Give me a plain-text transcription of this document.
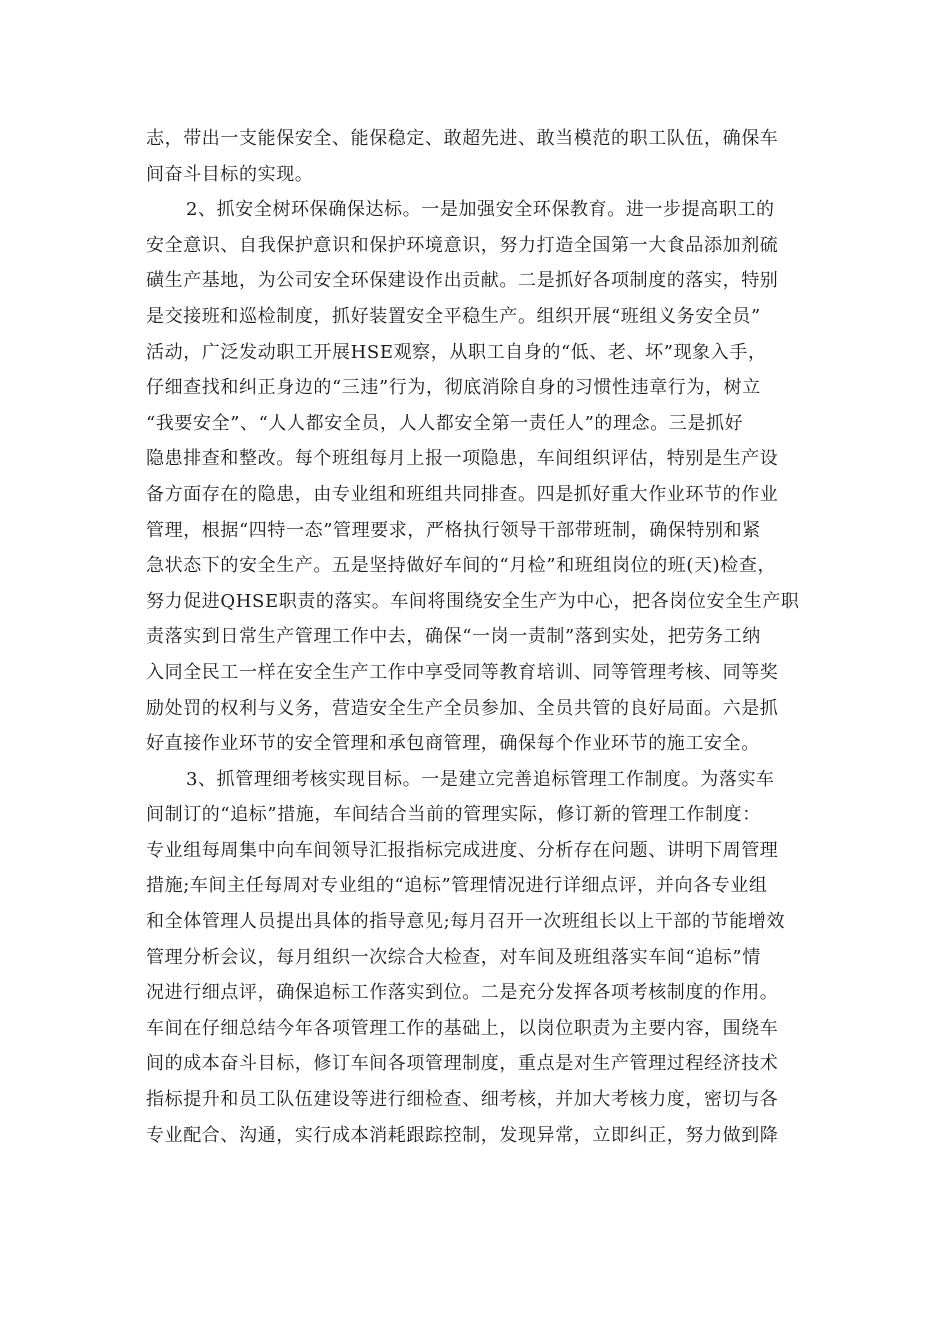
志，带出一支能保安全、能保稳定、敢超先进、敢当模范的职工队伍，确保车
间奋斗目标的实现。
2、抓安全树环保确保达标。一是加强安全环保教育。进一步提高职工的
安全意识、自我保护意识和保护环境意识，努力打造全国第一大食品添加剂硫
磺生产基地，为公司安全环保建设作出贡献。二是抓好各项制度的落实，特别
是交接班和巡检制度，抓好装置安全平稳生产。组织开展“班组义务安全员”
活动，广泛发动职工开展HSE观察，从职工自身的“低、老、坏”现象入手，
仔细查找和纠正身边的“三违”行为，彻底消除自身的习惯性违章行为，树立
“我要安全”、“人人都安全员，人人都安全第一责任人”的理念。三是抓好
隐患排查和整改。每个班组每月上报一项隐患，车间组织评估，特别是生产设
备方面存在的隐患，由专业组和班组共同排查。四是抓好重大作业环节的作业
管理，根据“四特一态”管理要求，严格执行领导干部带班制，确保特别和紧
急状态下的安全生产。五是坚持做好车间的“月检”和班组岗位的班(天)检查，
努力促进QHSE职责的落实。车间将围绕安全生产为中心，把各岗位安全生产职
责落实到日常生产管理工作中去，确保“一岗一责制”落到实处，把劳务工纳
入同全民工一样在安全生产工作中享受同等教育培训、同等管理考核、同等奖
励处罚的权利与义务，营造安全生产全员参加、全员共管的良好局面。六是抓
好直接作业环节的安全管理和承包商管理，确保每个作业环节的施工安全。
3、抓管理细考核实现目标。一是建立完善追标管理工作制度。为落实车
间制订的“追标”措施，车间结合当前的管理实际，修订新的管理工作制度：
专业组每周集中向车间领导汇报指标完成进度、分析存在问题、讲明下周管理
措施;车间主任每周对专业组的“追标”管理情况进行详细点评，并向各专业组
和全体管理人员提出具体的指导意见;每月召开一次班组长以上干部的节能增效
管理分析会议，每月组织一次综合大检查，对车间及班组落实车间“追标”情
况进行细点评，确保追标工作落实到位。二是充分发挥各项考核制度的作用。
车间在仔细总结今年各项管理工作的基础上，以岗位职责为主要内容，围绕车
间的成本奋斗目标，修订车间各项管理制度，重点是对生产管理过程经济技术
指标提升和员工队伍建设等进行细检查、细考核，并加大考核力度，密切与各
专业配合、沟通，实行成本消耗跟踪控制，发现异常，立即纠正，努力做到降
